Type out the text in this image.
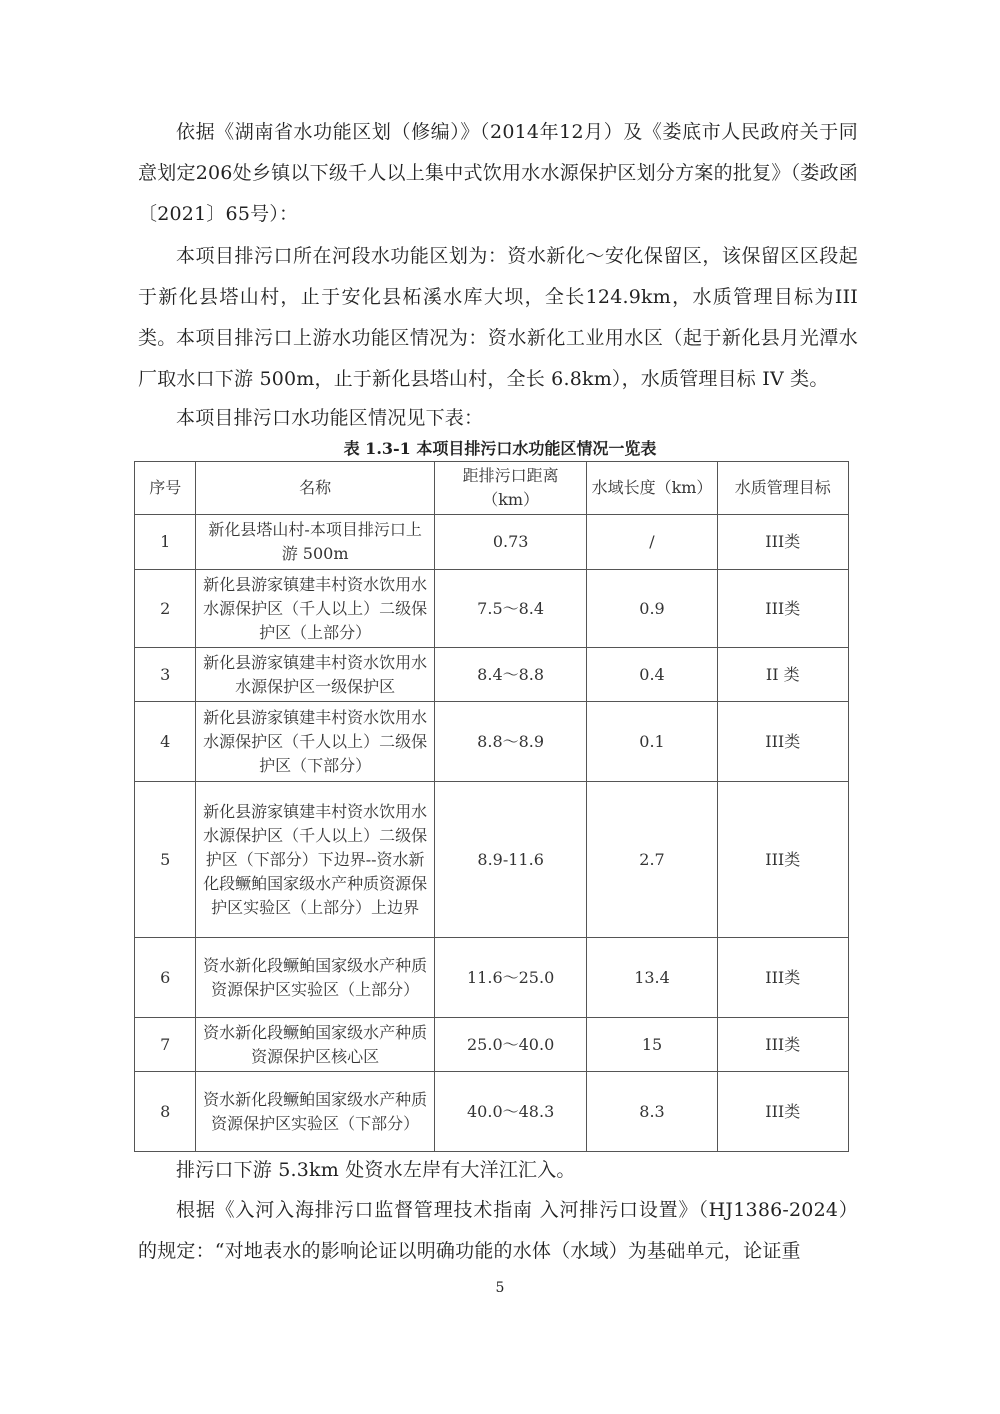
依据《湖南省水功能区划（修编）》（2014年12月）及《娄底市人民政府关于同意划定206处乡镇以下级千人以上集中式饮用水水源保护区划分方案的批复》（娄政函〔2021〕65号）：
本项目排污口所在河段水功能区划为：资水新化～安化保留区，该保留区区段起于新化县塔山村，止于安化县柘溪水库大坝，全长124.9km，水质管理目标为III类。 本项目排污口上游水功能区情况为：资水新化工业用水区（起于新化县月光潭水厂取水口下游 500m，止于新化县塔山村，全长 6.8km），水质管理目标 IV 类。
本项目排污口水功能区情况见下表：
表 1.3-1 本项目排污口水功能区情况一览表
序号	名称	距排污口距离（km）	水域长度（km）	水质管理目标
1	新化县塔山村-本项目排污口上游 500m	0.73	/	III类
2	新化县游家镇建丰村资水饮用水水源保护区（千人以上）二级保护区（上部分）	7.5～8.4	0.9	III类
3	新化县游家镇建丰村资水饮用水水源保护区一级保护区	8.4～8.8	0.4	II 类
4	新化县游家镇建丰村资水饮用水水源保护区（千人以上）二级保护区（下部分）	8.8～8.9	0.1	III类
5	新化县游家镇建丰村资水饮用水水源保护区（千人以上）二级保护区（下部分）下边界--资水新化段鳜鲌国家级水产种质资源保护区实验区（上部分）上边界	8.9-11.6	2.7	III类
6	资水新化段鳜鲌国家级水产种质资源保护区实验区（上部分）	11.6～25.0	13.4	III类
7	资水新化段鳜鲌国家级水产种质资源保护区核心区	25.0～40.0	15	III类
8	资水新化段鳜鲌国家级水产种质资源保护区实验区（下部分）	40.0～48.3	8.3	III类
排污口下游 5.3km 处资水左岸有大洋江汇入。
根据《入河入海排污口监督管理技术指南 入河排污口设置》（HJ1386-2024）的规定：“对地表水的影响论证以明确功能的水体（水域）为基础单元，论证重
5
